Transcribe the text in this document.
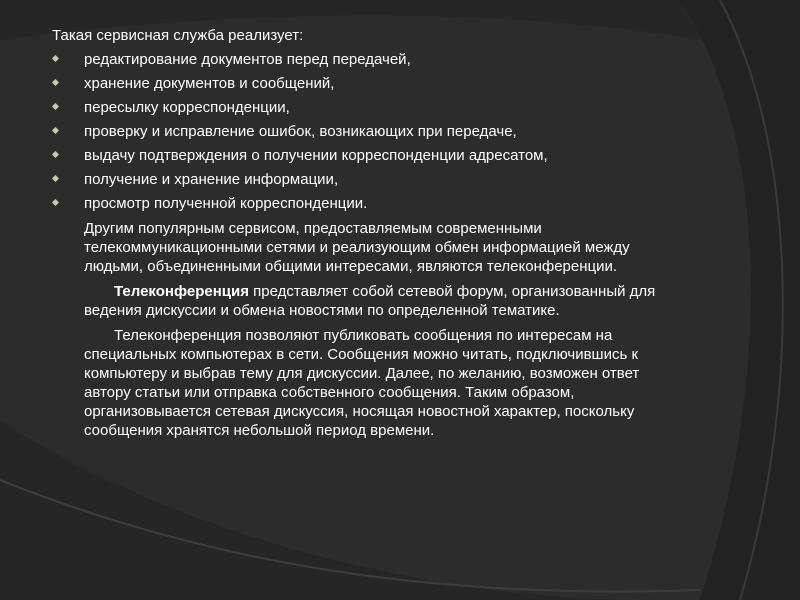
Такая сервисная служба реализует:
редактирование документов перед передачей,
хранение документов и сообщений,
пересылку корреспонденции,
проверку и исправление ошибок, возникающих при передаче,
выдачу подтверждения о получении корреспонденции адресатом,
получение и хранение информации,
просмотр полученной корреспонденции.

Другим популярным сервисом, предоставляемым современными телекоммуникационными сетями и реализующим обмен информацией между людьми, объединенными общими интересами, являются телеконференции.

Телеконференция представляет собой сетевой форум, организованный для ведения дискуссии и обмена новостями по определенной тематике.

Телеконференция позволяют публиковать сообщения по интересам на специальных компьютерах в сети. Сообщения можно читать, подключившись к компьютеру и выбрав тему для дискуссии. Далее, по желанию, возможен ответ автору статьи или отправка собственного сообщения. Таким образом, организовывается сетевая дискуссия, носящая новостной характер, поскольку сообщения хранятся небольшой период времени.
